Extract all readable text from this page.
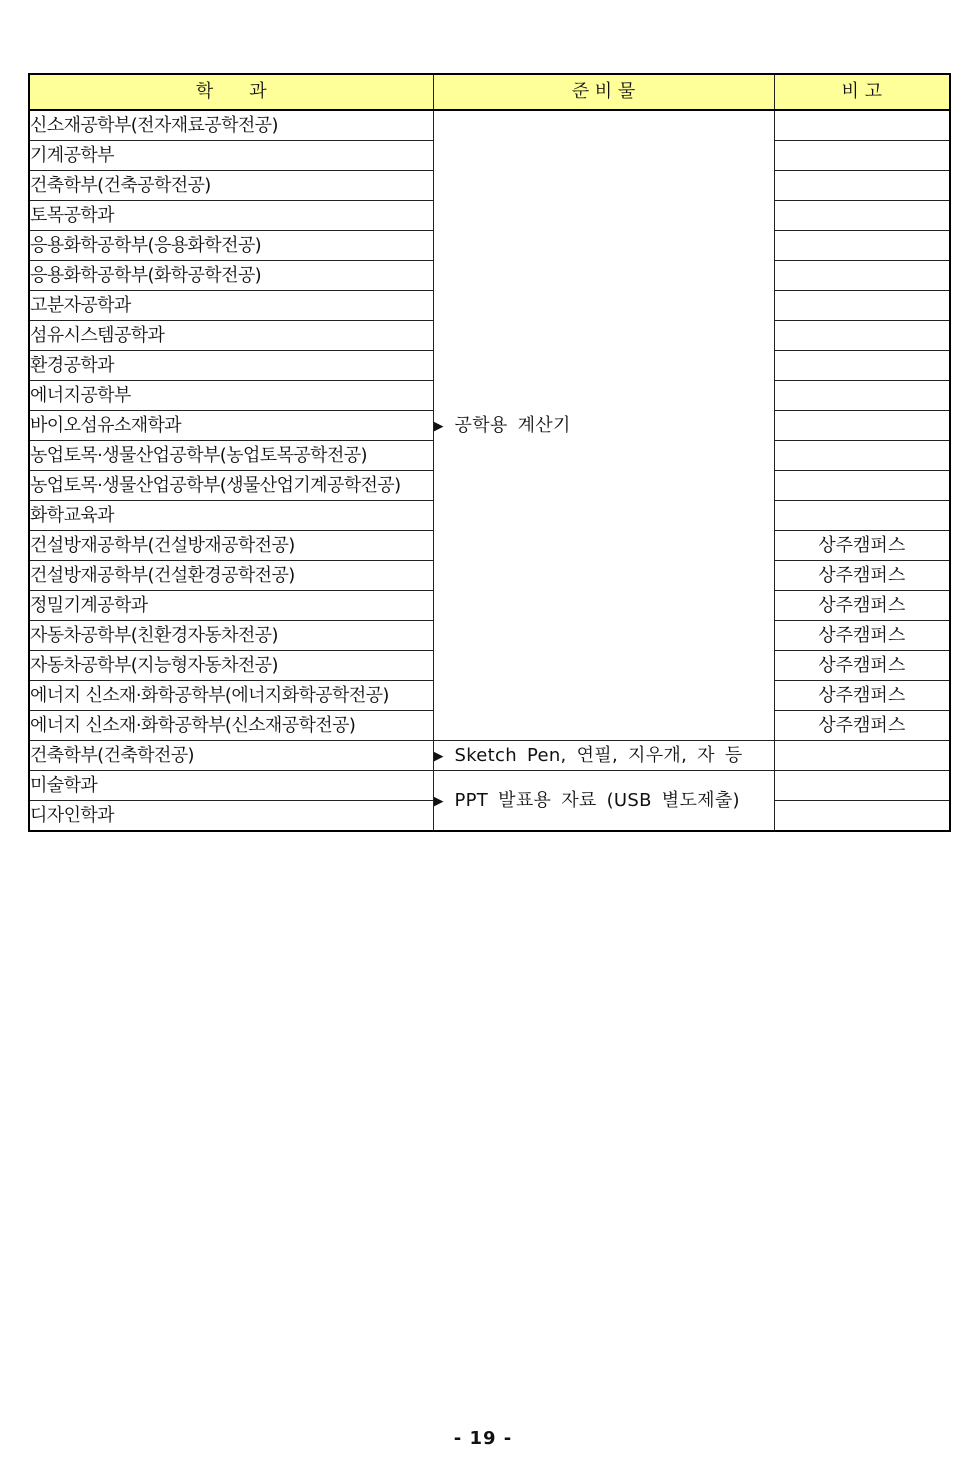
학　　과	준 비 물	비 고
신소재공학부(전자재료공학전공)	▶ 공학용 계산기	

기계공학부		
건축학부(건축공학전공)		
토목공학과		
응용화학공학부(응용화학전공)		
응용화학공학부(화학공학전공)		
고분자공학과		
섬유시스템공학과		
환경공학과		
에너지공학부		
바이오섬유소재학과		
농업토목·생물산업공학부(농업토목공학전공)		
농업토목·생물산업공학부(생물산업기계공학전공)		
화학교육과		
건설방재공학부(건설방재공학전공)		상주캠퍼스
건설방재공학부(건설환경공학전공)		상주캠퍼스
정밀기계공학과		상주캠퍼스
자동차공학부(친환경자동차전공)		상주캠퍼스
자동차공학부(지능형자동차전공)		상주캠퍼스
에너지 신소재·화학공학부(에너지화학공학전공)		상주캠퍼스
에너지 신소재·화학공학부(신소재공학전공)		상주캠퍼스
건축학부(건축학전공)	▶ Sketch Pen, 연필, 지우개, 자 등	

미술학과	▶ PPT 발표용 자료 (USB 별도제출)	

디자인학과		
- 19 -
